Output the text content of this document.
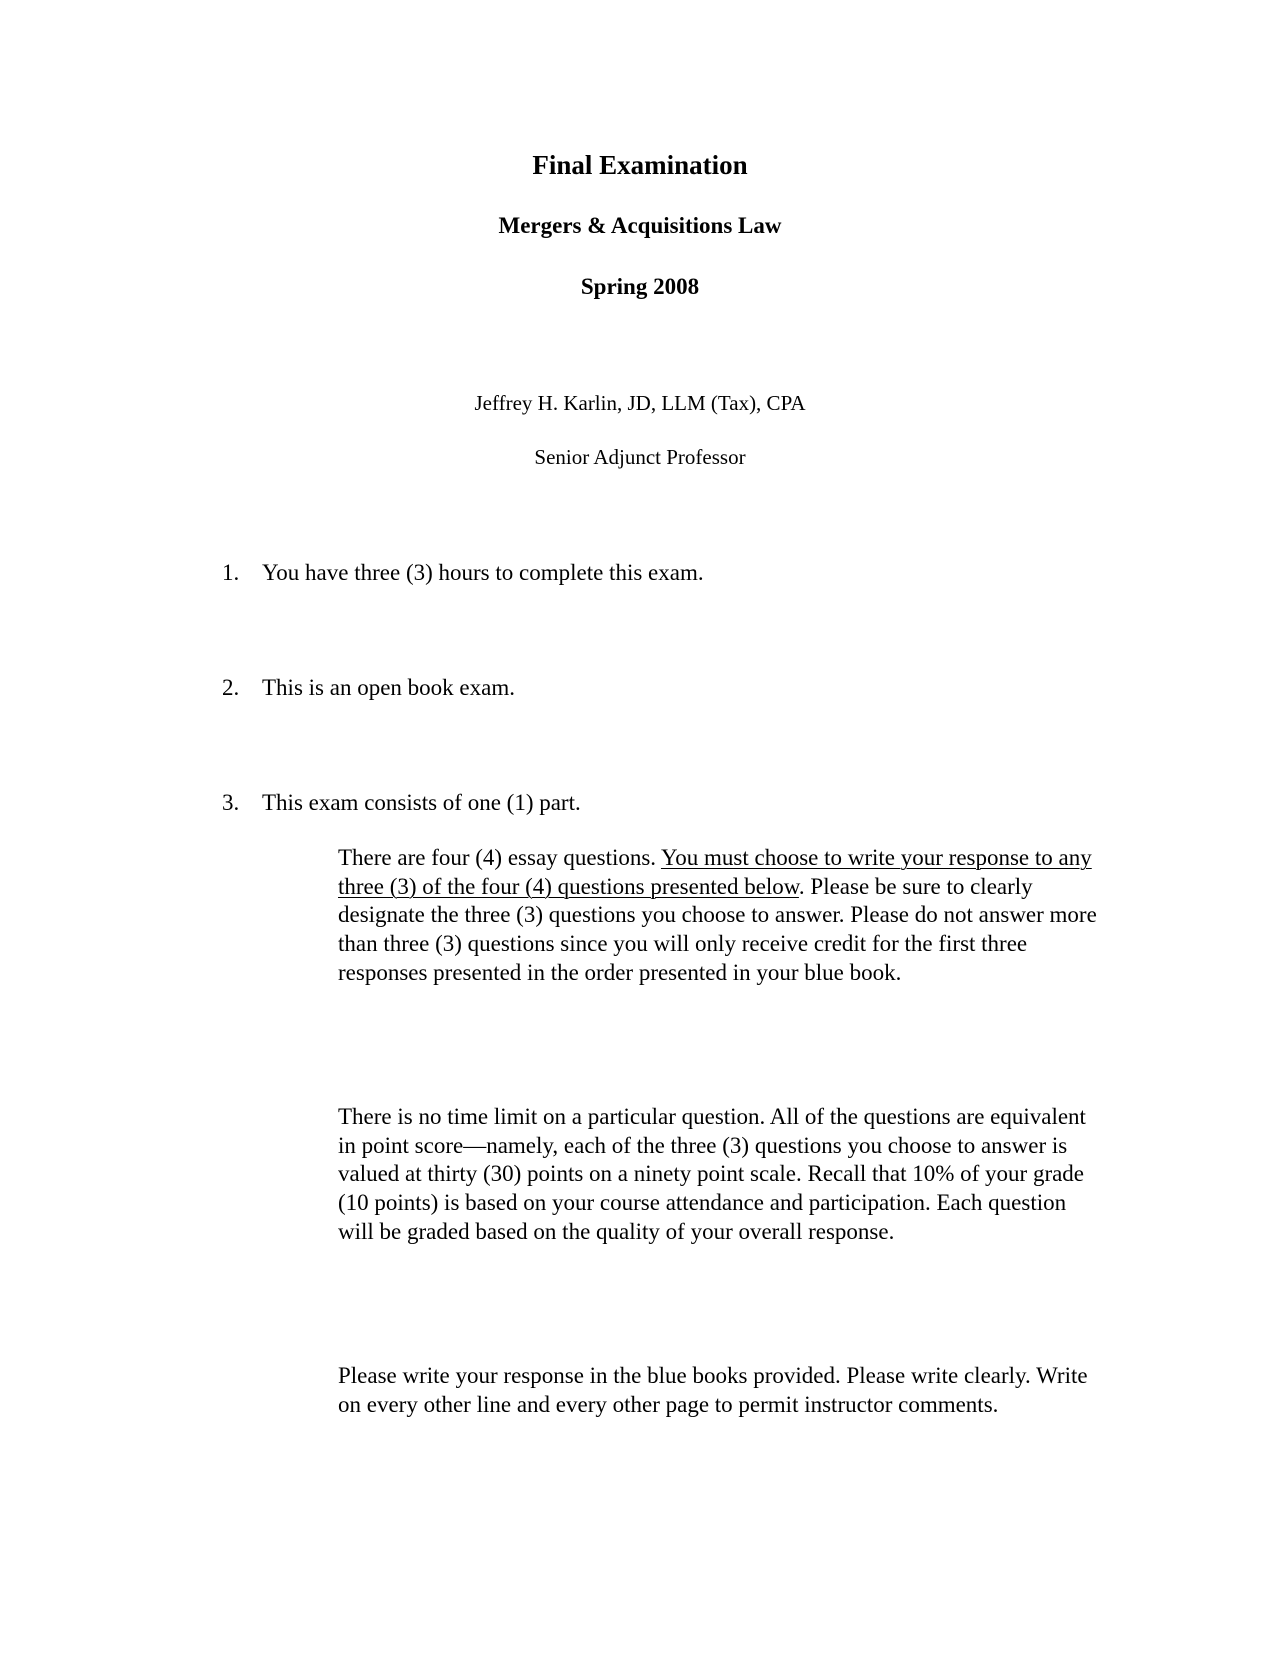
Final Examination
Mergers & Acquisitions Law
Spring 2008
Jeffrey H. Karlin, JD, LLM (Tax), CPA
Senior Adjunct Professor
1. You have three (3) hours to complete this exam.
2. This is an open book exam.
3. This exam consists of one (1) part.
There are four (4) essay questions. You must choose to write your response to any three (3) of the four (4) questions presented below. Please be sure to clearly designate the three (3) questions you choose to answer. Please do not answer more than three (3) questions since you will only receive credit for the first three responses presented in the order presented in your blue book.
There is no time limit on a particular question. All of the questions are equivalent in point score—namely, each of the three (3) questions you choose to answer is valued at thirty (30) points on a ninety point scale. Recall that 10% of your grade (10 points) is based on your course attendance and participation. Each question will be graded based on the quality of your overall response.
Please write your response in the blue books provided. Please write clearly. Write on every other line and every other page to permit instructor comments.
